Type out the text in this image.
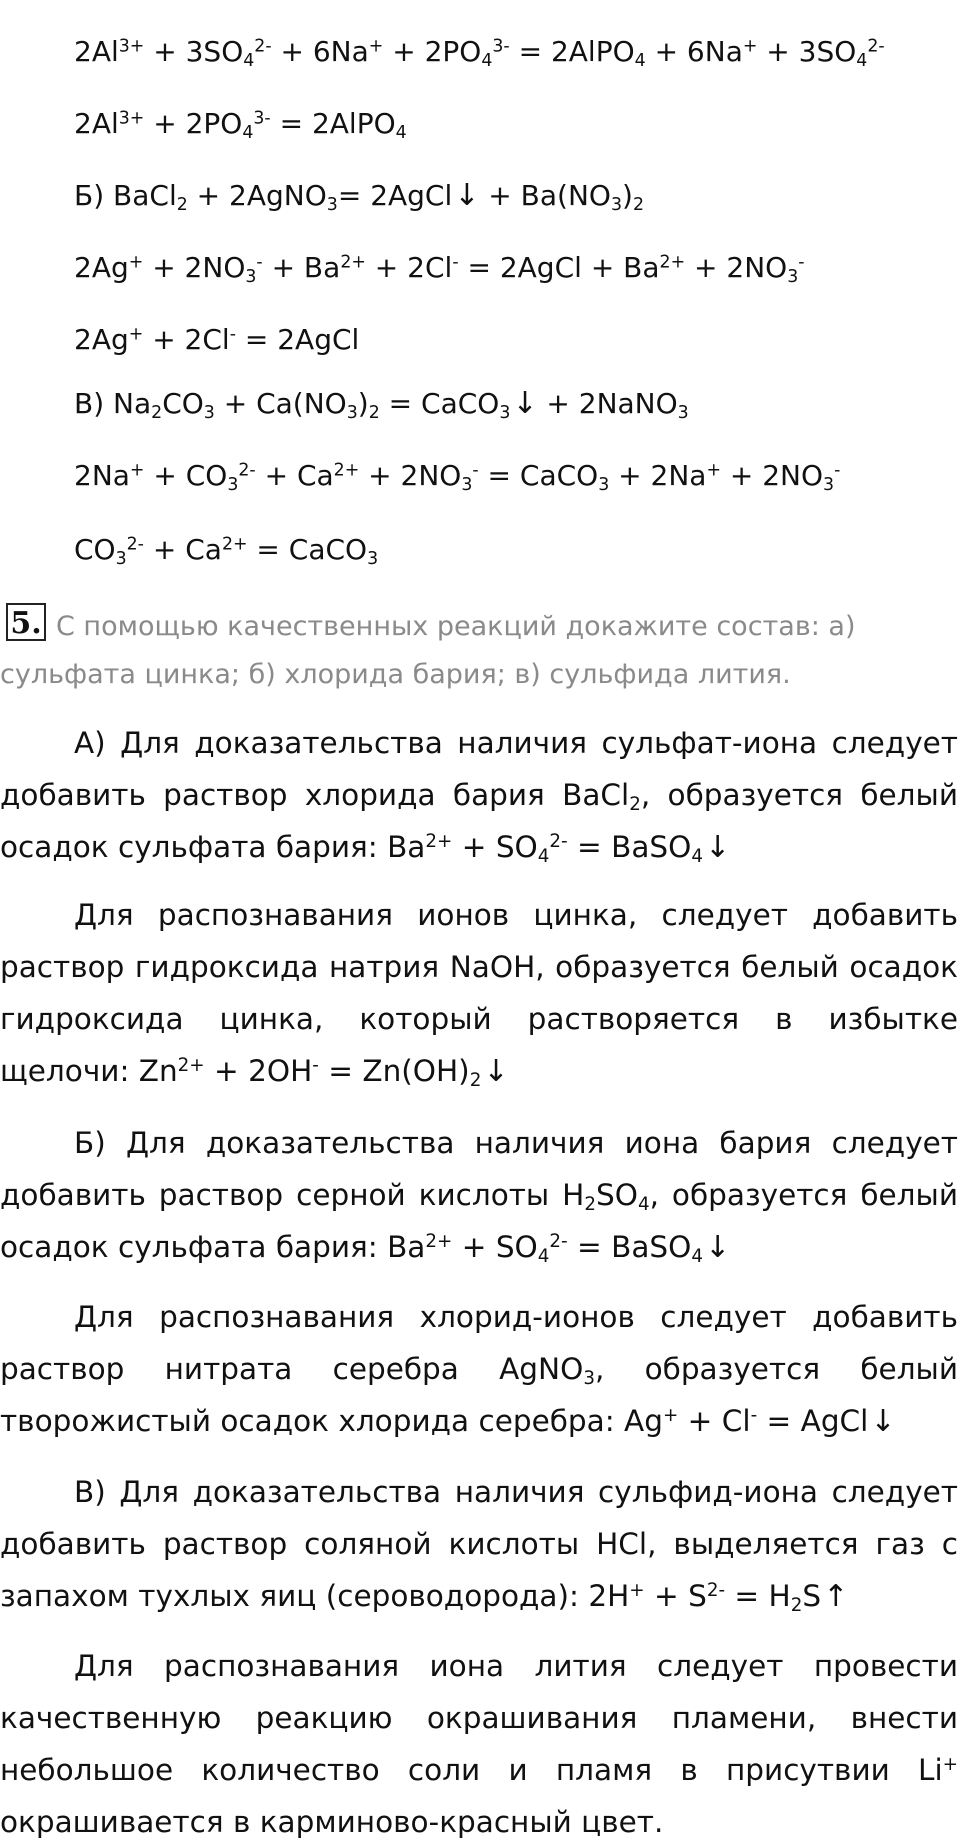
$2Al^{3+} + 3SO_4^{2-} + 6Na^+ + 2PO_4^{3-}$ = 2AlPO$_4$ + $6Na^+ + 3SO_4^{2-}$
$2Al^{3+} + 2PO_4^{3-}$ = 2AlPO$_4$
Б) BaCl$_2$ + 2AgNO$_3$= 2AgCl↓ + $Ba(NO_3)_2$
$2Ag^+ + 2NO_3^- + Ba^{2+} + 2Cl^-$ = 2AgCl + $Ba^{2+} + 2NO_3^-$
2Ag+ + 2Cl- = 2AgCl
В) $Na_2CO_3 + Ca(NO_3)_2$ = CaCO$_3$↓ + 2NaNO$_3$
$2Na^+ + CO_3^{2-} + Ca^{2+} + 2NO_3^-$ = CaCO$_3$ + $2Na^+ + 2NO_3^-$
$CO_3^{2-} + Ca^{2+}$ = CaCO$_3$
5. С помощью качественных реакций докажите состав: а) сульфата цинка; б) хлорида бария; в) сульфида лития.
А) Для доказательства наличия сульфат-иона следует добавить раствор хлорида бария BaCl$_2$, образуется белый осадок сульфата бария: $Ba^{2+} + SO_4^{2-}$ = BaSO$_4$↓
Для распознавания ионов цинка, следует добавить раствор гидроксида натрия NaOH, образуется белый осадок гидроксида цинка, который растворяется в избытке щелочи: $Zn^{2+} + 2OH^-$ = $Zn(OH)_2↓$
Б) Для доказательства наличия иона бария следует добавить раствор серной кислоты $H_2SO_4$, образуется белый осадок сульфата бария: $Ba^{2+} + SO_4^{2-}$ = BaSO$_4$↓
Для распознавания хлорид-ионов следует добавить раствор нитрата серебра AgNO$_3$, образуется белый творожистый осадок хлорида серебра: Ag+ + Cl- = AgCl↓
В) Для доказательства наличия сульфид-иона следует добавить раствор соляной кислоты HCl, выделяется газ с запахом тухлых яиц (сероводорода): $2H^+ + S^{2-}$ = $H_2S↑$
Для распознавания иона лития следует провести качественную реакцию окрашивания пламени, внести небольшое количество соли и пламя в присутвии Li+ окрашивается в карминово-красный цвет.
